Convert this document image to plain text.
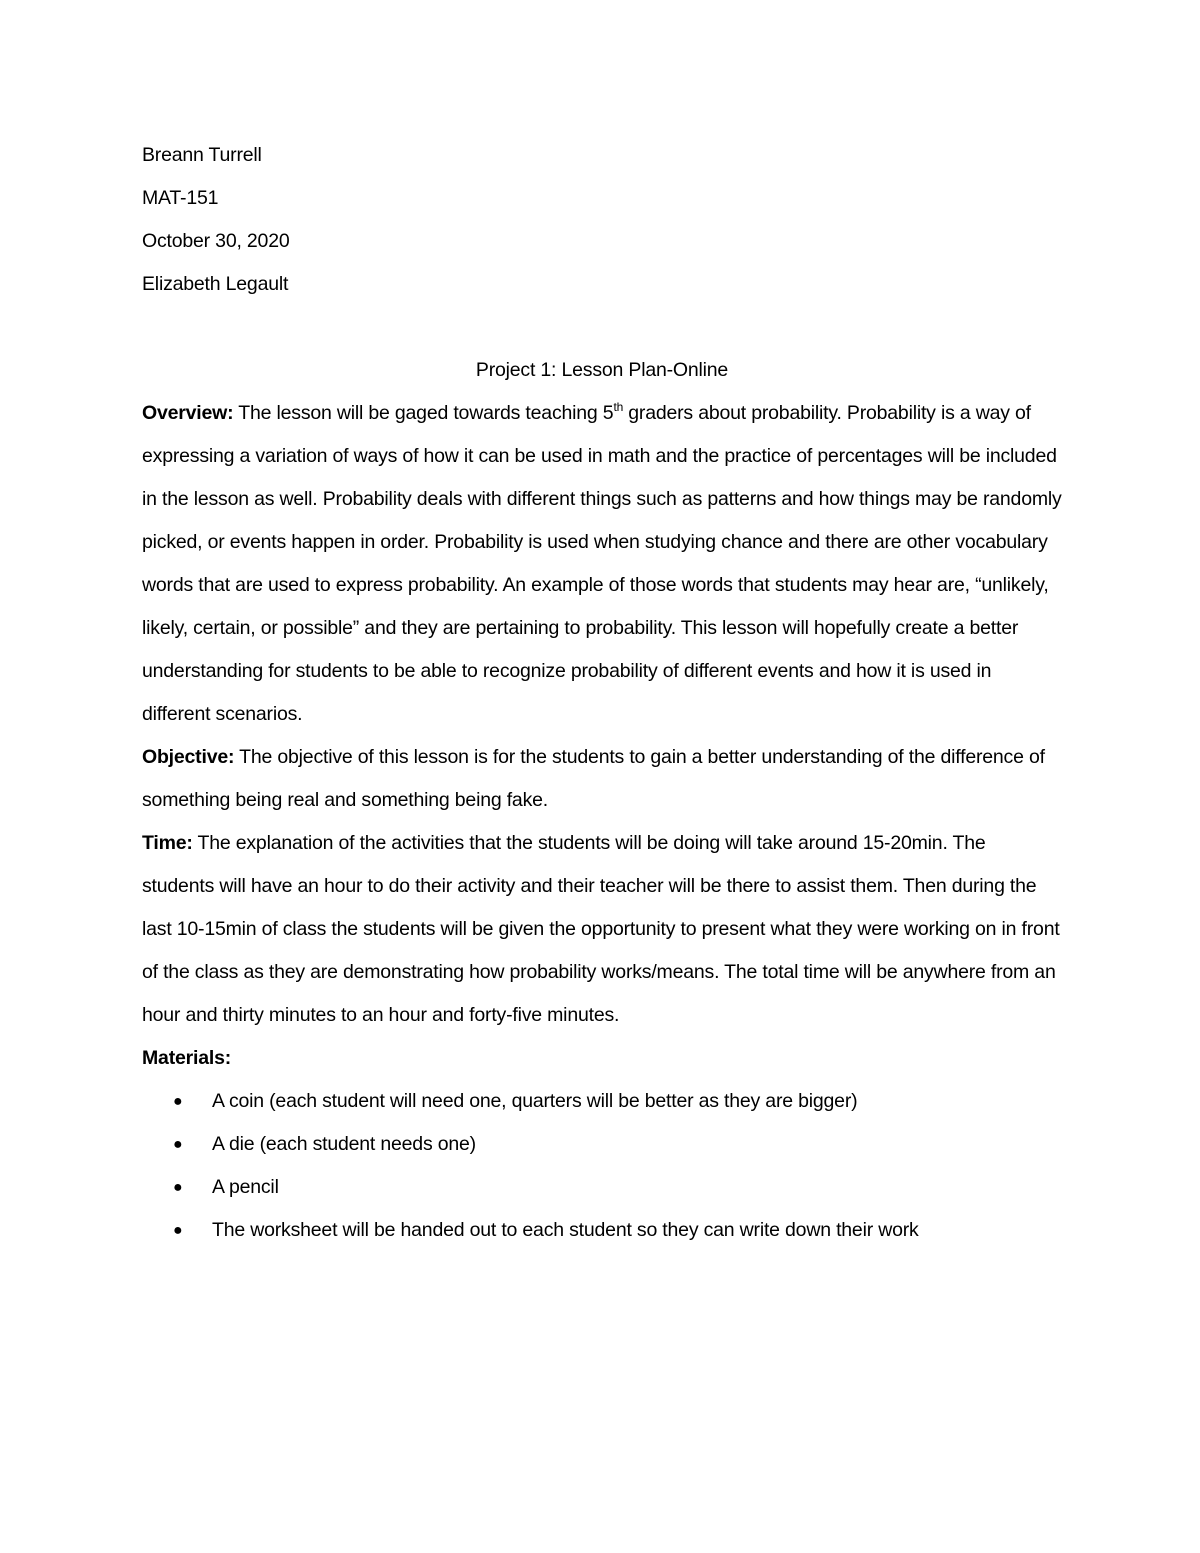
Breann Turrell

MAT-151

October 30, 2020

Elizabeth Legault

Project 1: Lesson Plan-Online

Overview: The lesson will be gaged towards teaching 5th graders about probability. Probability is a way of expressing a variation of ways of how it can be used in math and the practice of percentages will be included in the lesson as well. Probability deals with different things such as patterns and how things may be randomly picked, or events happen in order. Probability is used when studying chance and there are other vocabulary words that are used to express probability. An example of those words that students may hear are, “unlikely, likely, certain, or possible” and they are pertaining to probability. This lesson will hopefully create a better understanding for students to be able to recognize probability of different events and how it is used in different scenarios.

Objective: The objective of this lesson is for the students to gain a better understanding of the difference of something being real and something being fake.

Time: The explanation of the activities that the students will be doing will take around 15-20min. The students will have an hour to do their activity and their teacher will be there to assist them. Then during the last 10-15min of class the students will be given the opportunity to present what they were working on in front of the class as they are demonstrating how probability works/means. The total time will be anywhere from an hour and thirty minutes to an hour and forty-five minutes.

Materials:

● A coin (each student will need one, quarters will be better as they are bigger)
● A die (each student needs one)
● A pencil
● The worksheet will be handed out to each student so they can write down their work
